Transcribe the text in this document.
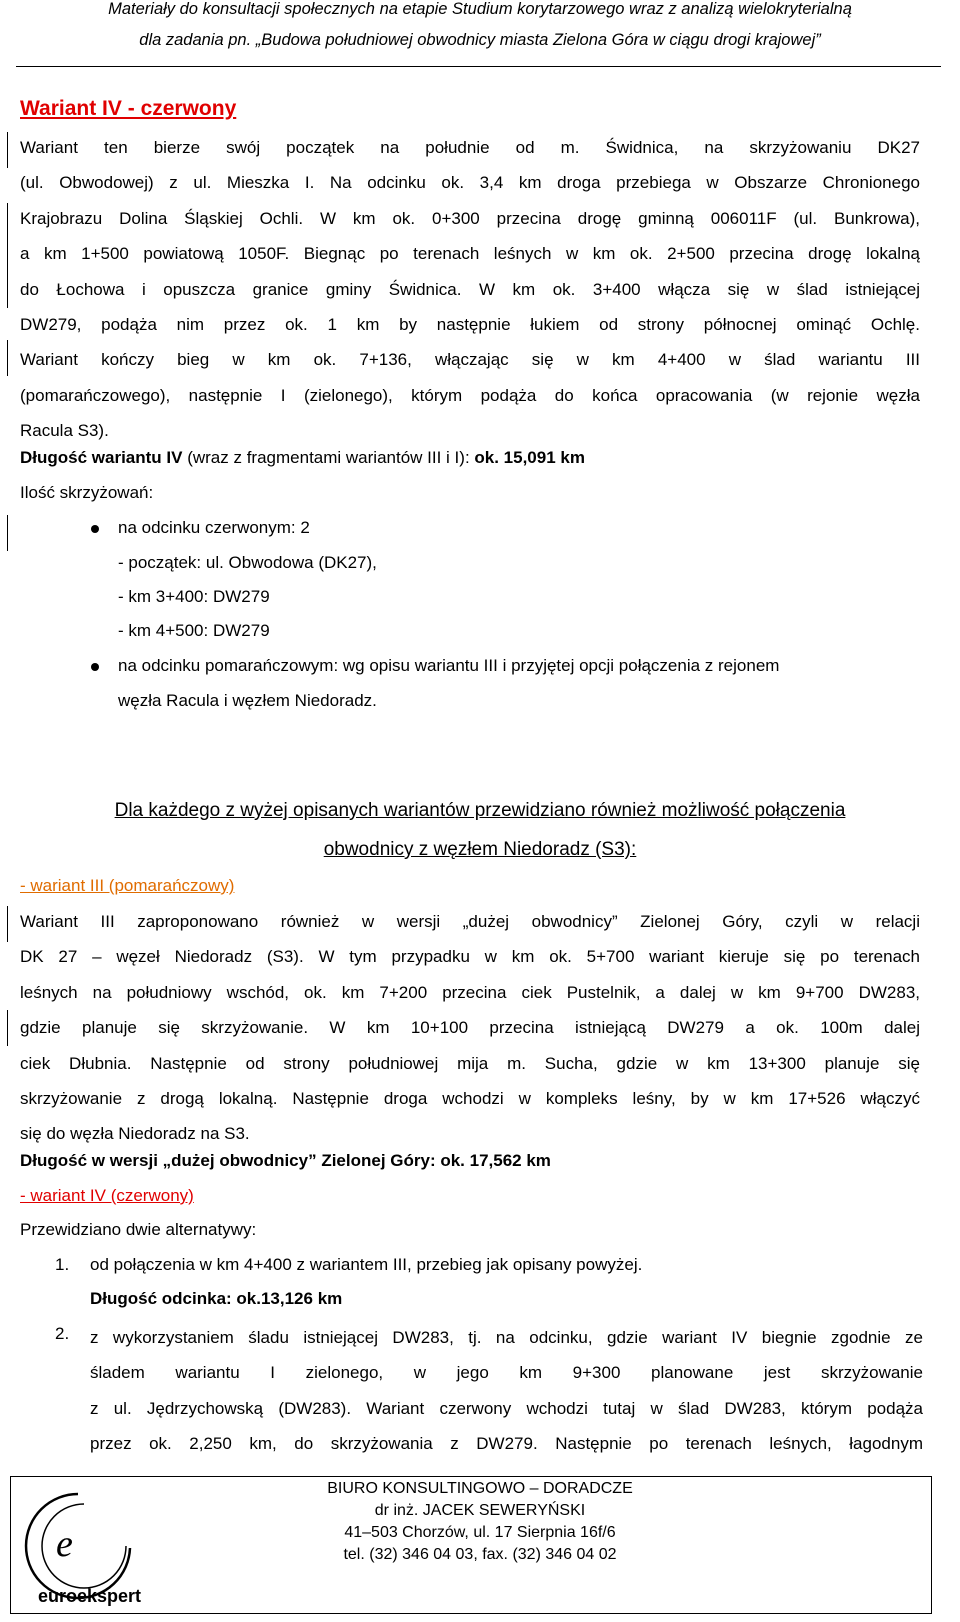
Materiały do konsultacji społecznych na etapie Studium korytarzowego wraz z analizą wielokryterialną
dla zadania pn. „Budowa południowej obwodnicy miasta Zielona Góra w ciągu drogi krajowej”
Wariant IV - czerwony
Wariant ten bierze swój początek na południe od m. Świdnica, na skrzyżowaniu DK27
(ul. Obwodowej) z ul. Mieszka I. Na odcinku ok. 3,4 km droga przebiega w Obszarze Chronionego
Krajobrazu Dolina Śląskiej Ochli. W km ok. 0+300 przecina drogę gminną 006011F (ul. Bunkrowa),
a km 1+500 powiatową 1050F. Biegnąc po terenach leśnych w km ok. 2+500 przecina drogę lokalną
do Łochowa i opuszcza granice gminy Świdnica. W km ok. 3+400 włącza się w ślad istniejącej
DW279, podąża nim przez ok. 1 km by następnie łukiem od strony północnej ominąć Ochlę.
Wariant kończy bieg w km ok. 7+136, włączając się w km 4+400 w ślad wariantu III
(pomarańczowego), następnie I (zielonego), którym podąża do końca opracowania (w rejonie węzła
Racula S3).
Długość wariantu IV (wraz z fragmentami wariantów III i I): ok. 15,091 km
Ilość skrzyżowań:
na odcinku czerwonym: 2
- początek: ul. Obwodowa (DK27),
- km 3+400: DW279
- km 4+500: DW279
na odcinku pomarańczowym: wg opisu wariantu III i przyjętej opcji połączenia z rejonem
węzła Racula i węzłem Niedoradz.
Dla każdego z wyżej opisanych wariantów przewidziano również możliwość połączenia
obwodnicy z węzłem Niedoradz (S3):
- wariant III (pomarańczowy)
Wariant III zaproponowano również w wersji „dużej obwodnicy” Zielonej Góry, czyli w relacji
DK 27 – węzeł Niedoradz (S3). W tym przypadku w km ok. 5+700 wariant kieruje się po terenach
leśnych na południowy wschód, ok. km 7+200 przecina ciek Pustelnik, a dalej w km 9+700 DW283,
gdzie planuje się skrzyżowanie. W km 10+100 przecina istniejącą DW279 a ok. 100m dalej
ciek Dłubnia. Następnie od strony południowej mija m. Sucha, gdzie w km 13+300 planuje się
skrzyżowanie z drogą lokalną. Następnie droga wchodzi w kompleks leśny, by w km 17+526 włączyć
się do węzła Niedoradz na S3.
Długość w wersji „dużej obwodnicy” Zielonej Góry: ok. 17,562 km
- wariant IV (czerwony)
Przewidziano dwie alternatywy:
1. od połączenia w km 4+400 z wariantem III, przebieg jak opisany powyżej.
Długość odcinka: ok.13,126 km
2. z wykorzystaniem śladu istniejącej DW283, tj. na odcinku, gdzie wariant IV biegnie zgodnie ze
śladem wariantu I zielonego, w jego km 9+300 planowane jest skrzyżowanie
z ul. Jędrzychowską (DW283). Wariant czerwony wchodzi tutaj w ślad DW283, którym podąża
przez ok. 2,250 km, do skrzyżowania z DW279. Następnie po terenach leśnych, łagodnym
e
euroekspert
BIURO KONSULTINGOWO – DORADCZE
dr inż. JACEK SEWERYŃSKI
41–503 Chorzów, ul. 17 Sierpnia 16f/6
tel. (32) 346 04 03, fax. (32) 346 04 02
